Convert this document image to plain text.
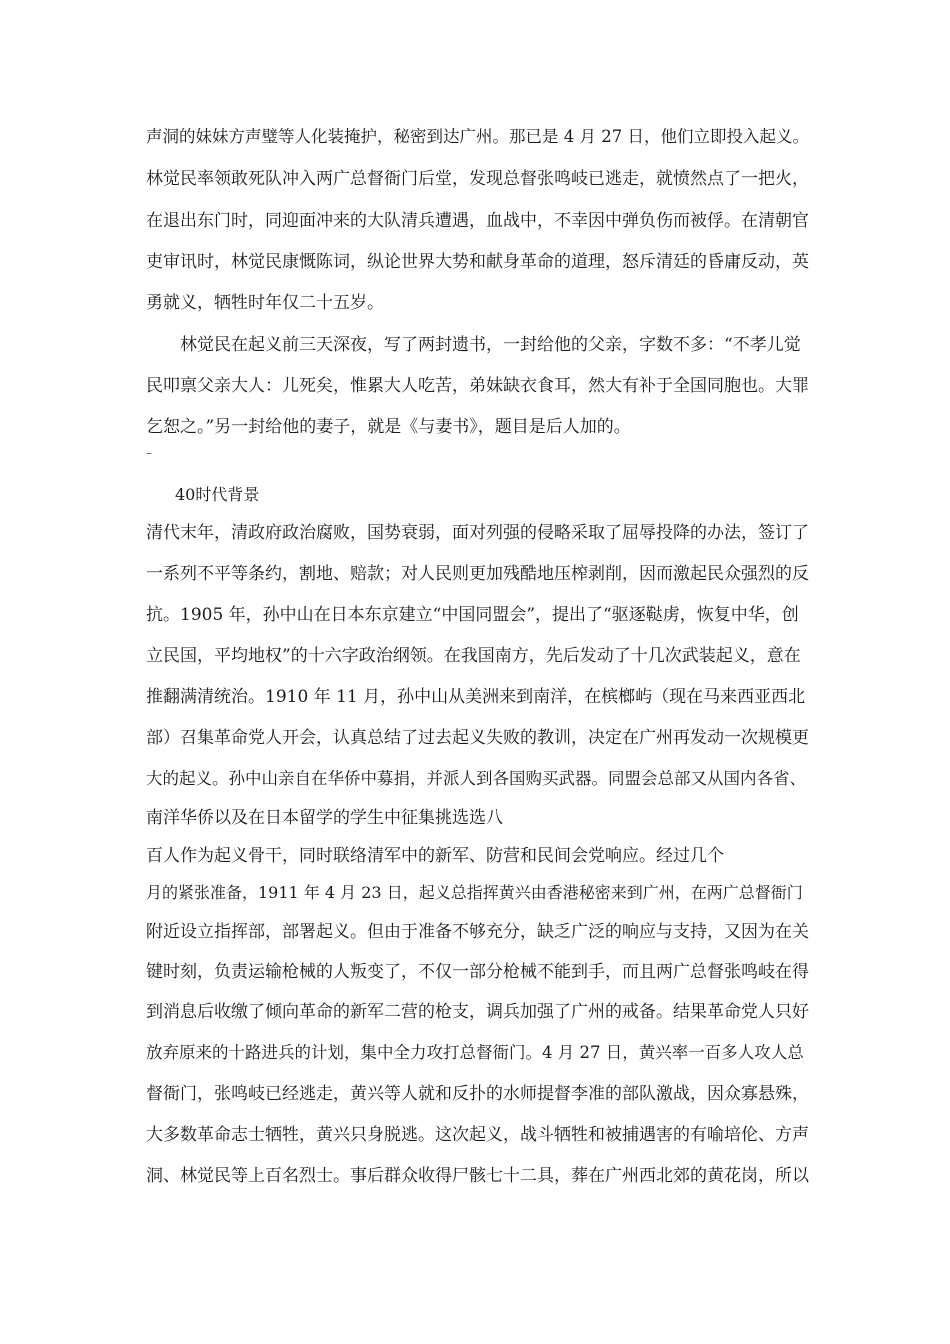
声洞的妹妹方声璧等人化装掩护，秘密到达广州。那已是 4 月 27 日，他们立即投入起义。
林觉民率领敢死队冲入两广总督衙门后堂，发现总督张鸣岐已逃走，就愤然点了一把火，
在退出东门时，同迎面冲来的大队清兵遭遇，血战中，不幸因中弹负伤而被俘。在清朝官
吏审讯时，林觉民康慨陈词，纵论世界大势和献身革命的道理，怒斥清廷的昏庸反动，英
勇就义，牺牲时年仅二十五岁。
林觉民在起义前三天深夜，写了两封遗书，一封给他的父亲，字数不多：“不孝儿觉
民叩禀父亲大人：儿死矣，惟累大人吃苦，弟妹缺衣食耳，然大有补于全国同胞也。大罪
乞恕之。”另一封给他的妻子，就是《与妻书》，题目是后人加的。
–
40时代背景
清代末年，清政府政治腐败，国势衰弱，面对列强的侵略采取了屈辱投降的办法，签订了
一系列不平等条约，割地、赔款；对人民则更加残酷地压榨剥削，因而激起民众强烈的反
抗。1905 年，孙中山在日本东京建立“中国同盟会”，提出了“驱逐鞑虏，恢复中华，创
立民国，平均地权”的十六字政治纲领。在我国南方，先后发动了十几次武装起义，意在
推翻满清统治。1910 年 11 月，孙中山从美洲来到南洋，在槟榔屿（现在马来西亚西北
部）召集革命党人开会，认真总结了过去起义失败的教训，决定在广州再发动一次规模更
大的起义。孙中山亲自在华侨中募捐，并派人到各国购买武器。同盟会总部又从国内各省、
南洋华侨以及在日本留学的学生中征集挑选选八
百人作为起义骨干，同时联络清军中的新军、防营和民间会党响应。经过几个
月的紧张准备，1911 年 4 月 23 日，起义总指挥黄兴由香港秘密来到广州，在两广总督衙门
附近设立指挥部，部署起义。但由于准备不够充分，缺乏广泛的响应与支持，又因为在关
键时刻，负责运输枪械的人叛变了，不仅一部分枪械不能到手，而且两广总督张鸣岐在得
到消息后收缴了倾向革命的新军二营的枪支，调兵加强了广州的戒备。结果革命党人只好
放弃原来的十路进兵的计划，集中全力攻打总督衙门。4 月 27 日，黄兴率一百多人攻人总
督衙门，张鸣岐已经逃走，黄兴等人就和反扑的水师提督李准的部队激战，因众寡悬殊，
大多数革命志士牺牲，黄兴只身脱逃。这次起义，战斗牺牲和被捕遇害的有喻培伦、方声
洞、林觉民等上百名烈士。事后群众收得尸骸七十二具，葬在广州西北郊的黄花岗，所以
